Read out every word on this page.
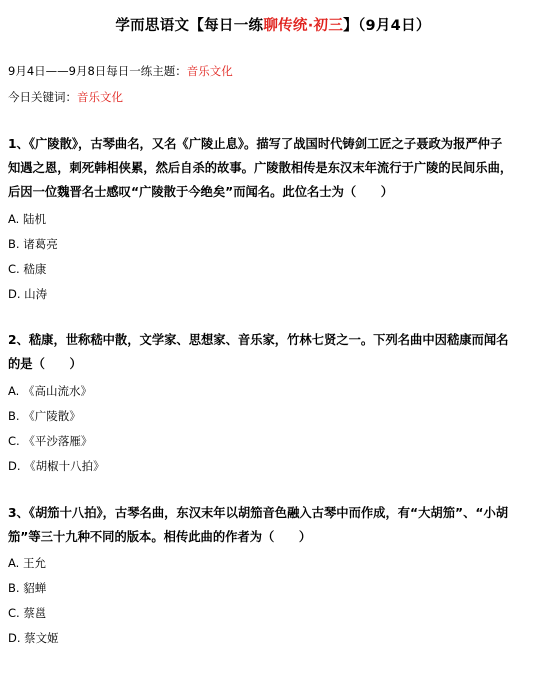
学而思语文【每日一练聊传统·初三】（9月4日）
9月4日——9月8日每日一练主题：音乐文化
今日关键词：音乐文化
1、《广陵散》，古琴曲名，又名《广陵止息》。描写了战国时代铸剑工匠之子聂政为报严仲子
知遇之恩，刺死韩相侠累，然后自杀的故事。广陵散相传是东汉末年流行于广陵的民间乐曲，
后因一位魏晋名士感叹“广陵散于今绝矣”而闻名。此位名士为（　　）
A. 陆机
B. 诸葛亮
C. 嵇康
D. 山涛
2、嵇康，世称嵇中散，文学家、思想家、音乐家，竹林七贤之一。下列名曲中因嵇康而闻名
的是（　　）
A. 《高山流水》
B. 《广陵散》
C. 《平沙落雁》
D. 《胡椒十八拍》
3、《胡笳十八拍》，古琴名曲，东汉末年以胡笳音色融入古琴中而作成，有“大胡笳”、“小胡
笳”等三十九种不同的版本。相传此曲的作者为（　　）
A. 王允
B. 貂蝉
C. 蔡邕
D. 蔡文姬
